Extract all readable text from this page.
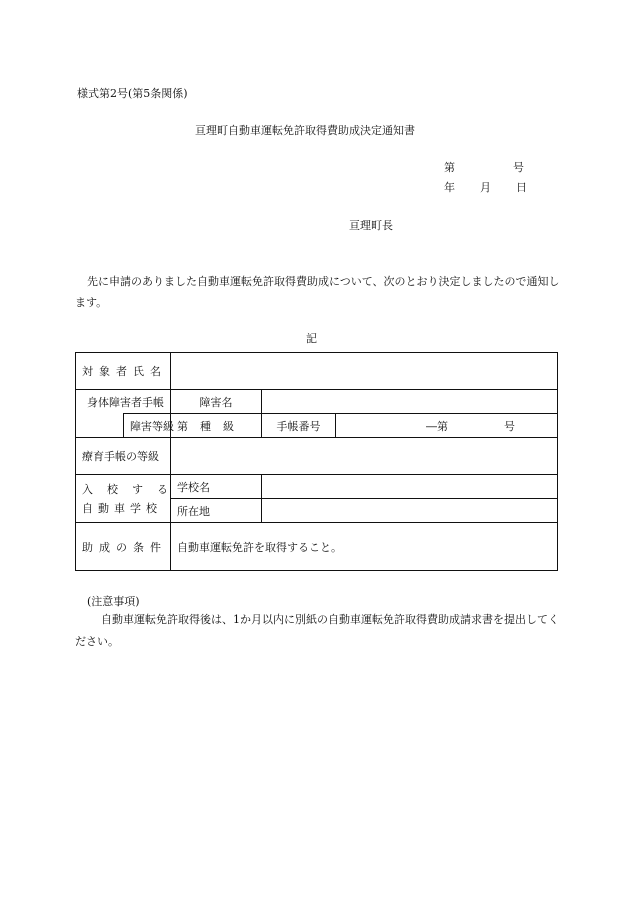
様式第2号(第5条関係)
亘理町自動車運転免許取得費助成決定通知書
第	号
年 月 日
亘理町長
先に申請のありました自動車運転免許取得費助成について、次のとおり決定しましたので通知します。
記
対象者氏名				
身体障害者手帳		障害名		
	障害等級	第 種 級	手帳番号	―第 号
療育手帳の等級				

入校する
自動車学校		学校名		
		所在地		
助成の条件		自動車運転免許を取得すること。		
(注意事項)
自動車運転免許取得後は、1か月以内に別紙の自動車運転免許取得費助成請求書を提出してください。
